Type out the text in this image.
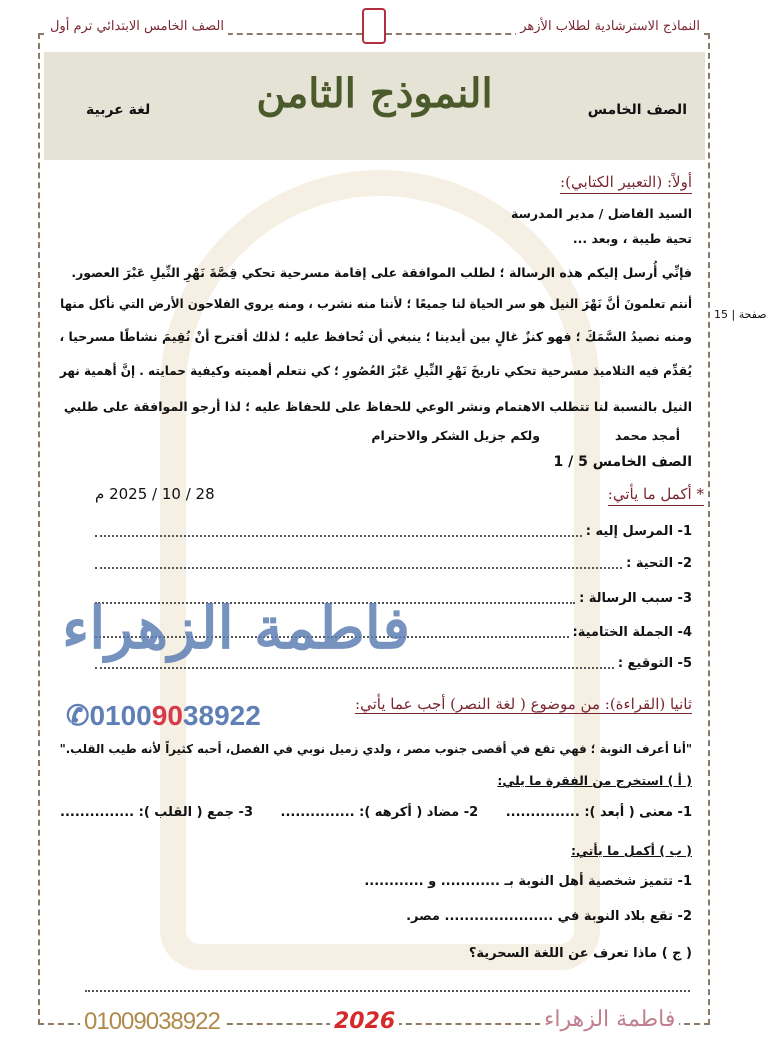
الصف الخامس الابتدائي ترم أول	النماذج الاسترشادية لطلاب الأزهر
النموذج الثامن	الصف الخامس
لغة عربية
صفحة | 15
أولاً: (التعبير الكتابي):
السيد الفاضل / مدير المدرسة
تحية طيبة ، وبعد ...
فإنِّي أُرسل إليكم هذه الرسالة ؛ لطلب الموافقة على إقامة مسرحية تحكي قِصَّةَ نَهْرِ النِّيلِ عَبْرَ العصور.
أنتم تعلمونَ أنَّ نَهْرَ النيل هو سر الحياة لنا جميعًا ؛ لأننا منه نشرب ، ومنه يروي الفلاحون الأرض التي نأكل منها
ومنه نصيدُ السَّمَكَ ؛ فهو كنزٌ غالٍ بين أيدينا ؛ ينبغي أن تُحافظ عليه ؛ لذلك أقترح أنْ نُقِيمَ نشاطًا مسرحيا ،
يُقدِّم فيه التلاميذ مسرحية تحكي تاريخَ نَهْرِ النِّيلِ عَبْرَ العُصُورِ ؛ كي نتعلم أهميته وكيفية حمايته . إنَّ أهمية نهر
النيل بالنسبة لنا تتطلب الاهتمام ونشر الوعي للحفاظ على للحفاظ عليه ؛ لذا أرجو الموافقة على طلبي
ولكم جزيل الشكر والاحترام	أمجد محمد
الصف الخامس 5 / 1
28 / 10 / 2025 م	* أكمل ما يأتي:
1- المرسل إليه :
2- التحية :
3- سبب الرسالة :
4- الجملة الختامية:
5- التوقيع :
فاطمة الزهراء
✆01009038922	ثانيا (القراءة): من موضوع ( لغة النصر) أجب عما يأتي:
"أنا أعرف النوبة ؛ فهي تقع في أقصى جنوب مصر ، ولدي زميل نوبي في الفصل، أحبه كثيراً لأنه طيب القلب."
( أ ) استخرج من الفقرة ما يلي:
1- معنى ( أبعد ): ...............
2- مضاد ( أكرهه ): ...............
3- جمع ( القلب ): ...............
( ب ) أكمل ما يأتي:
1- تتميز شخصية أهل النوبة بـ ............ و ............
2- تقع بلاد النوبة في ...................... مصر.
( ج ) ماذا تعرف عن اللغة السحرية؟
01009038922	2026	فاطمة الزهراء
